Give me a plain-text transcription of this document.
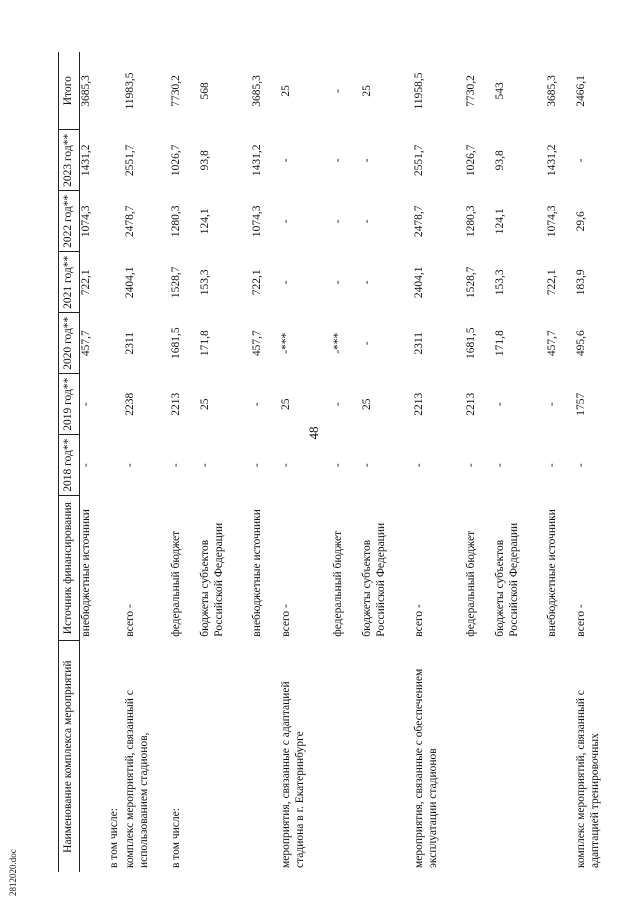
48
2812020.doc
Наименование комплекса мероприятий	Источник финансирования	2018 год**	2019 год**	2020 год**	2021 год**	2022 год**	2023 год**	Итого
	внебюджетные источники	-	-	457,7	722,1	1074,3	1431,2	3685,3
в том числе:								
комплекс мероприятий, связанный с использованием стадионов,	всего -	-	2238	2311	2404,1	2478,7	2551,7	11983,5
в том числе:	федеральный бюджет	-	2213	1681,5	1528,7	1280,3	1026,7	7730,2
	бюджеты субъектов Российской Федерации	-	25	171,8	153,3	124,1	93,8	568
	внебюджетные источники	-	-	457,7	722,1	1074,3	1431,2	3685,3
мероприятия, связанные с адаптацией стадиона в г. Екатеринбурге	всего -	-	25	-***	-	-	-	25
	федеральный бюджет	-	-	-***	-	-	-	-
	бюджеты субъектов Российской Федерации	-	25	-	-	-	-	25
мероприятия, связанные с обеспечением эксплуатации стадионов	всего -	-	2213	2311	2404,1	2478,7	2551,7	11958,5
	федеральный бюджет	-	2213	1681,5	1528,7	1280,3	1026,7	7730,2
	бюджеты субъектов Российской Федерации	-	-	171,8	153,3	124,1	93,8	543
	внебюджетные источники	-	-	457,7	722,1	1074,3	1431,2	3685,3
комплекс мероприятий, связанный с адаптацией тренировочных	всего -	-	1757	495,6	183,9	29,6	-	2466,1
